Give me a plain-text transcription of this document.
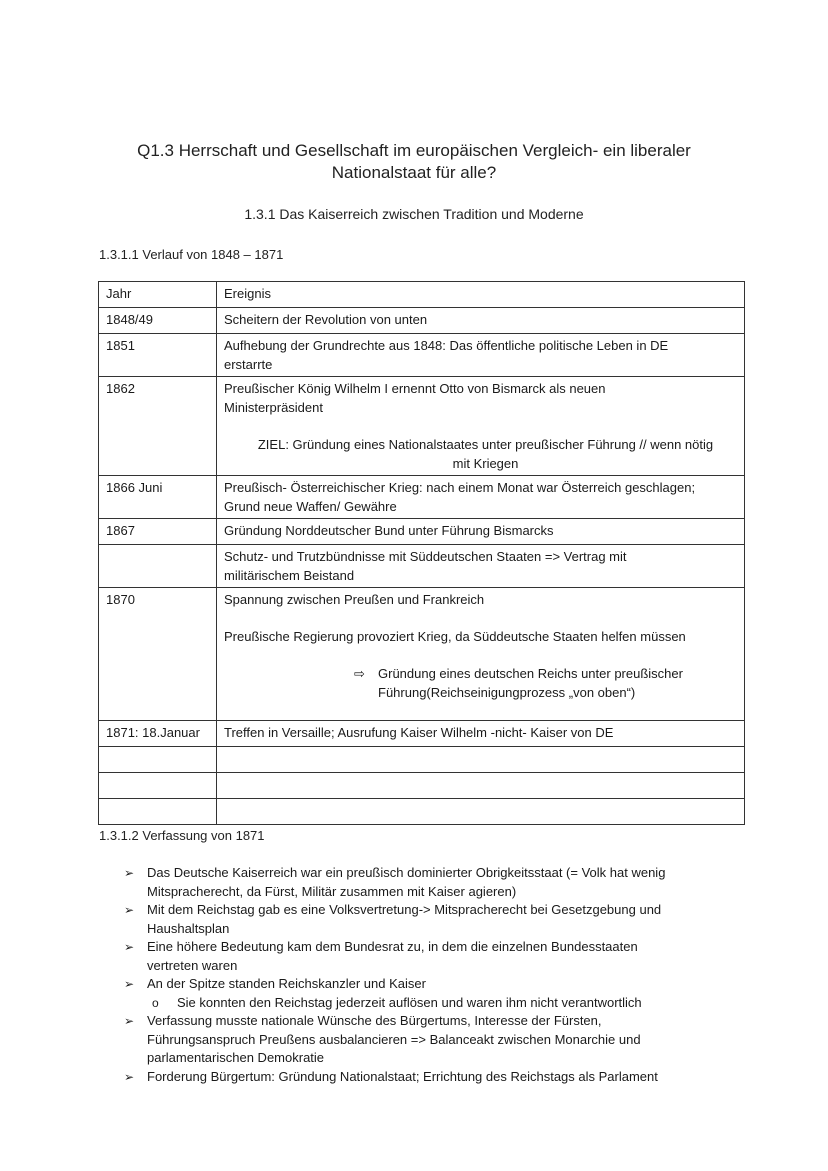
Q1.3 Herrschaft und Gesellschaft im europäischen Vergleich- ein liberaler
Nationalstaat für alle?
1.3.1 Das Kaiserreich zwischen Tradition und Moderne
1.3.1.1 Verlauf von 1848 – 1871
Jahr	Ereignis
1848/49	Scheitern der Revolution von unten

1851	Aufhebung der Grundrechte aus 1848: Das öffentliche politische Leben in DE
erstarrte

1862	Preußischer König Wilhelm I ernennt Otto von Bismarck als neuen
Ministerpräsident
ZIEL: Gründung eines Nationalstaates unter preußischer Führung // wenn nötig
mit Kriegen

1866 Juni	Preußisch- Österreichischer Krieg: nach einem Monat war Österreich geschlagen;
Grund neue Waffen/ Gewähre

1867	Gründung Norddeutscher Bund unter Führung Bismarcks

	Schutz- und Trutzbündnisse mit Süddeutschen Staaten => Vertrag mit
militärischem Beistand

1870	Spannung zwischen Preußen und Frankreich
Preußische Regierung provoziert Krieg, da Süddeutsche Staaten helfen müssen
⇨ Gründung eines deutschen Reichs unter preußischer
Führung(Reichseinigungprozess „von oben“)

1871: 18.Januar	Treffen in Versaille; Ausrufung Kaiser Wilhelm -nicht- Kaiser von DE

1.3.1.2 Verfassung von 1871
➢ Das Deutsche Kaiserreich war ein preußisch dominierter Obrigkeitsstaat (= Volk hat wenig
Mitspracherecht, da Fürst, Militär zusammen mit Kaiser agieren)
➢ Mit dem Reichstag gab es eine Volksvertretung-> Mitspracherecht bei Gesetzgebung und
Haushaltsplan
➢ Eine höhere Bedeutung kam dem Bundesrat zu, in dem die einzelnen Bundesstaaten
vertreten waren
➢ An der Spitze standen Reichskanzler und Kaiser
o Sie konnten den Reichstag jederzeit auflösen und waren ihm nicht verantwortlich
➢ Verfassung musste nationale Wünsche des Bürgertums, Interesse der Fürsten,
Führungsanspruch Preußens ausbalancieren => Balanceakt zwischen Monarchie und
parlamentarischen Demokratie
➢ Forderung Bürgertum: Gründung Nationalstaat; Errichtung des Reichstags als Parlament
